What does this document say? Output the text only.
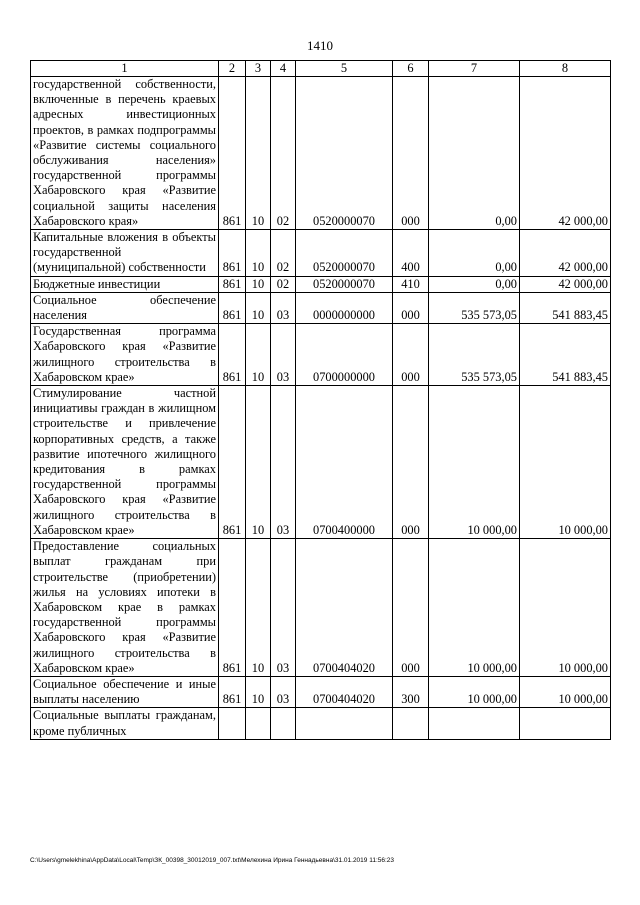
1410
1	2	3	4	5	6	7	8
государственной собственности, включенные в перечень краевых адресных инвестиционных проектов, в рамках подпрограммы «Развитие системы социального обслуживания населения» государственной программы Хабаровского края «Развитие социальной защиты населения Хабаровского края»	861	10	02	0520000070	000	0,00	42 000,00
Капитальные вложения в объекты государственной (муниципальной) собственности	861	10	02	0520000070	400	0,00	42 000,00
Бюджетные инвестиции	861	10	02	0520000070	410	0,00	42 000,00
Социальное обеспечение населения	861	10	03	0000000000	000	535 573,05	541 883,45
Государственная программа Хабаровского края «Развитие жилищного строительства в Хабаровском крае»	861	10	03	0700000000	000	535 573,05	541 883,45
Стимулирование частной инициативы граждан в жилищном строительстве и привлечение корпоративных средств, а также развитие ипотечного жилищного кредитования в рамках государственной программы Хабаровского края «Развитие жилищного строительства в Хабаровском крае»	861	10	03	0700400000	000	10 000,00	10 000,00
Предоставление социальных выплат гражданам при строительстве (приобретении) жилья на условиях ипотеки в Хабаровском крае в рамках государственной программы Хабаровского края «Развитие жилищного строительства в Хабаровском крае»	861	10	03	0700404020	000	10 000,00	10 000,00
Социальное обеспечение и иные выплаты населению	861	10	03	0700404020	300	10 000,00	10 000,00
Социальные выплаты гражданам, кроме публичных							
C:\Users\gmelekhina\AppData\Local\Temp\ЗК_00398_30012019_007.txt\Мелехина Ирина Геннадьевна\31.01.2019 11:56:23
